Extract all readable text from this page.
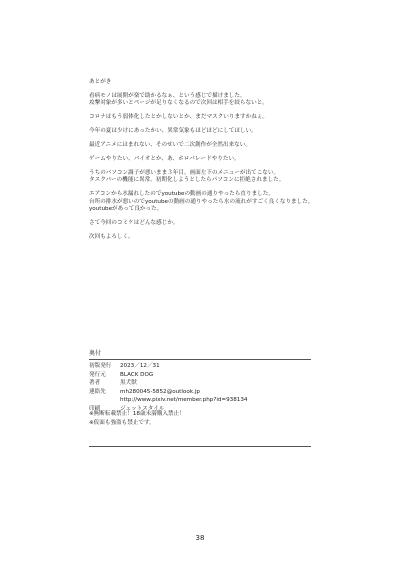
あとがき

看病モノは展開が楽で助かるなぁ、という感じで描けました。

攻撃対象が多いとページが足りなくなるので次回は相手を絞らないと。

コロナはもう弱体化したとかしないとか、まだマスクいりますかねぇ。

今年の夏は少けにあったかい、異常気象もほどほどにしてほしい。

最近アニメにはまれない、そのせいで二次創作が全然出来ない。

ゲームやりたい、バイオとか、あ、ホロパレードやりたい。

うちのパソコン調子が悪いまま３年目。画面左下のメニューが出てこない。

タスクバーの機能に異常。初期化しようとしたらパソコンに拒絶されました。

エアコンから水漏れしたのでyoutubeの動画の通りやったら直りました。

台所の排水が悪いのでyoutubeの動画の通りやったら水の流れがすごく良くなりました。

youtubeがあって良かった。

さて今回のコミケはどんな感じか。

次回もよろしく。

奥付

初版発行	2023／12／31
発行元	BLACK DOG
著者	黒犬獣
連絡先	mh280045-5852@outlook.jp
http://www.pixiv.net/member.php?id=938134
印刷	ジェットスタイル
※無断転載禁止！18歳未満購入禁止！
※仮面も強盗も禁止です。
38
